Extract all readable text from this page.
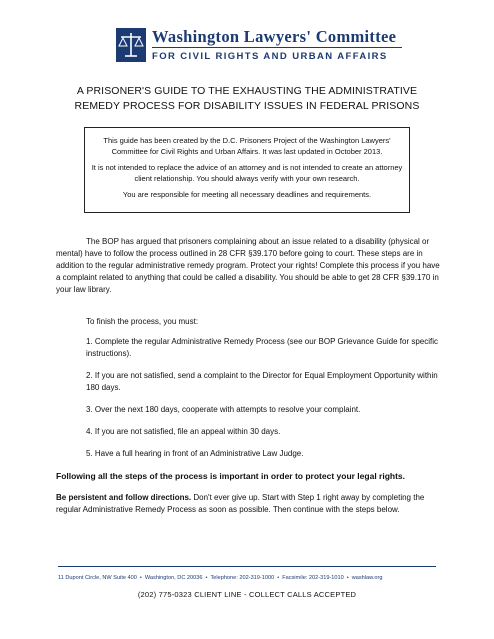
Washington Lawyers' Committee
FOR CIVIL RIGHTS AND URBAN AFFAIRS
A PRISONER'S GUIDE TO THE EXHAUSTING THE ADMINISTRATIVE
REMEDY PROCESS FOR DISABILITY ISSUES IN FEDERAL PRISONS

This guide has been created by the D.C. Prisoners Project of the Washington Lawyers' Committee for Civil Rights and Urban Affairs. It was last updated in October 2013.

It is not intended to replace the advice of an attorney and is not intended to create an attorney client relationship. You should always verify with your own research.

You are responsible for meeting all necessary deadlines and requirements.

The BOP has argued that prisoners complaining about an issue related to a disability (physical or mental) have to follow the process outlined in 28 CFR §39.170 before going to court. These steps are in addition to the regular administrative remedy program. Protect your rights! Complete this process if you have a complaint related to anything that could be called a disability. You should be able to get 28 CFR §39.170 in your law library.

To finish the process, you must:

1. Complete the regular Administrative Remedy Process (see our BOP Grievance Guide for specific instructions).
2. If you are not satisfied, send a complaint to the Director for Equal Employment Opportunity within 180 days.
3. Over the next 180 days, cooperate with attempts to resolve your complaint.
4. If you are not satisfied, file an appeal within 30 days.
5. Have a full hearing in front of an Administrative Law Judge.

Following all the steps of the process is important in order to protect your legal rights.

Be persistent and follow directions. Don't ever give up. Start with Step 1 right away by completing the regular Administrative Remedy Process as soon as possible. Then continue with the steps below.

11 Dupont Circle, NW Suite 400 • Washington, DC 20036 • Telephone: 202-319-1000 • Facsimile: 202-319-1010 • washlaw.org
(202) 775-0323 CLIENT LINE - COLLECT CALLS ACCEPTED
